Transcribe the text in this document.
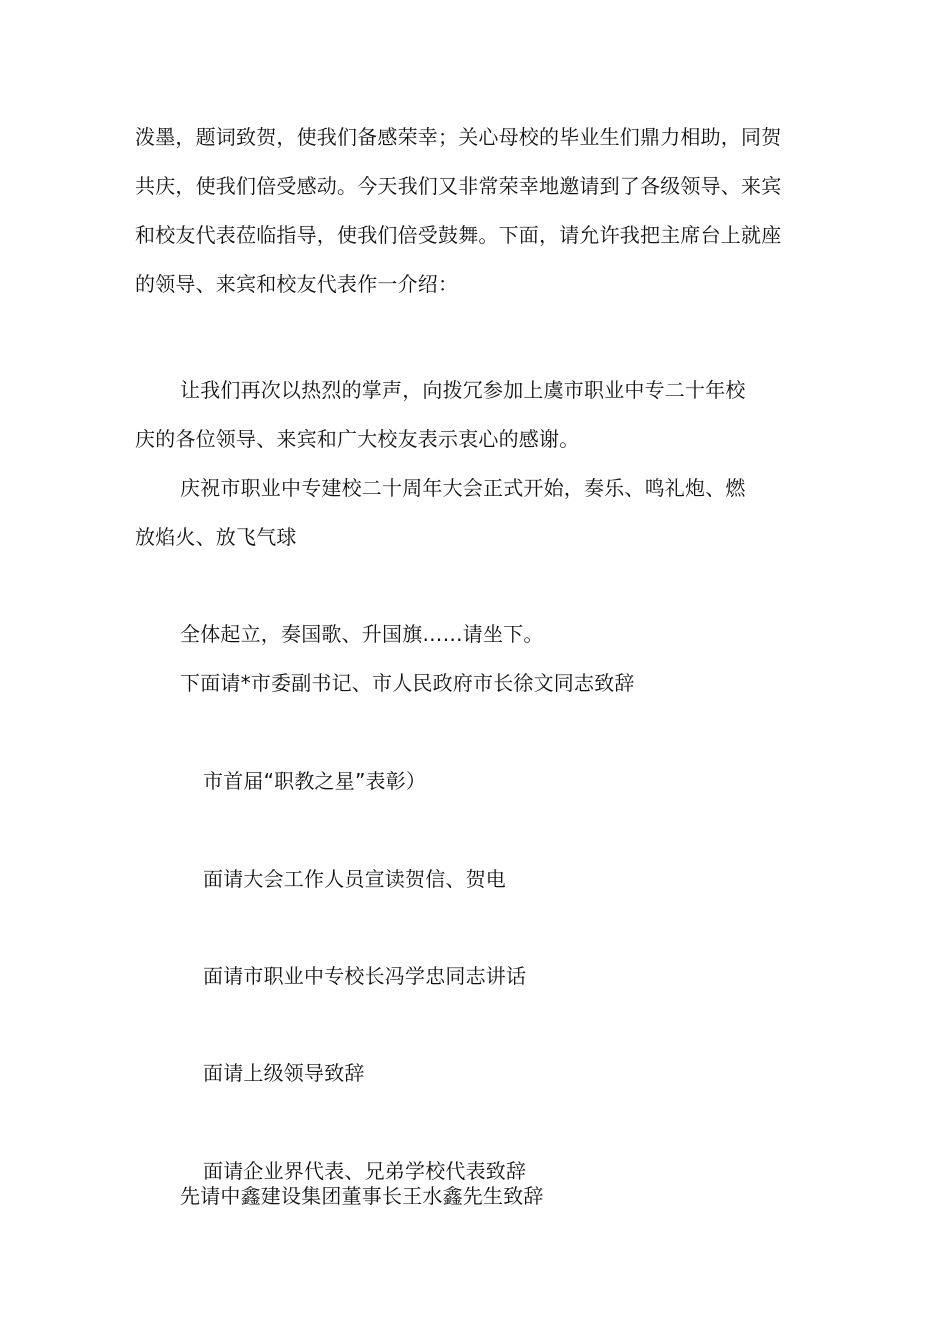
泼墨，题词致贺，使我们备感荣幸；关心母校的毕业生们鼎力相助，同贺
共庆，使我们倍受感动。今天我们又非常荣幸地邀请到了各级领导、来宾
和校友代表莅临指导，使我们倍受鼓舞。下面，请允许我把主席台上就座
的领导、来宾和校友代表作一介绍：
让我们再次以热烈的掌声，向拨冗参加上虞市职业中专二十年校
庆的各位领导、来宾和广大校友表示衷心的感谢。
庆祝市职业中专建校二十周年大会正式开始，奏乐、鸣礼炮、燃
放焰火、放飞气球
全体起立，奏国歌、升国旗……请坐下。
下面请*市委副书记、市人民政府市长徐文同志致辞
市首届“职教之星”表彰）
面请大会工作人员宣读贺信、贺电
面请市职业中专校长冯学忠同志讲话
面请上级领导致辞
面请企业界代表、兄弟学校代表致辞
先请中鑫建设集团董事长王水鑫先生致辞
